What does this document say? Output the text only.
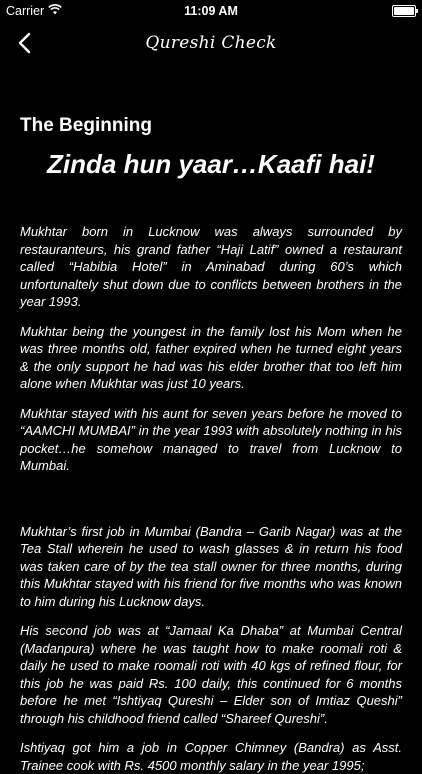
Carrier	11:09 AM
Qureshi Check
The Beginning
Zinda hun yaar…Kaafi hai!

Mukhtar born in Lucknow was always surrounded by restauranteurs, his grand father “Haji Latif” owned a restaurant called “Habibia Hotel” in Aminabad during 60’s which unfortunaltely shut down due to conflicts between brothers in the year 1993.

Mukhtar being the youngest in the family lost his Mom when he was three months old, father expired when he turned eight years & the only support he had was his elder brother that too left him alone when Mukhtar was just 10 years.

Mukhtar stayed with his aunt for seven years before he moved to “AAMCHI MUMBAI” in the year 1993 with absolutely nothing in his pocket…he somehow managed to travel from Lucknow to Mumbai.

Mukhtar’s first job in Mumbai (Bandra – Garib Nagar) was at the Tea Stall wherein he used to wash glasses & in return his food was taken care of by the tea stall owner for three months, during this Mukhtar stayed with his friend for five months who was known to him during his Lucknow days.

His second job was at “Jamaal Ka Dhaba” at Mumbai Central (Madanpura) where he was taught how to make roomali roti & daily he used to make roomali roti with 40 kgs of refined flour, for this job he was paid Rs. 100 daily, this continued for 6 months before he met “Ishtiyaq Qureshi – Elder son of Imtiaz Queshi” through his childhood friend called “Shareef Qureshi”.

Ishtiyaq got him a job in Copper Chimney (Bandra) as Asst. Trainee cook with Rs. 4500 monthly salary in the year 1995;
